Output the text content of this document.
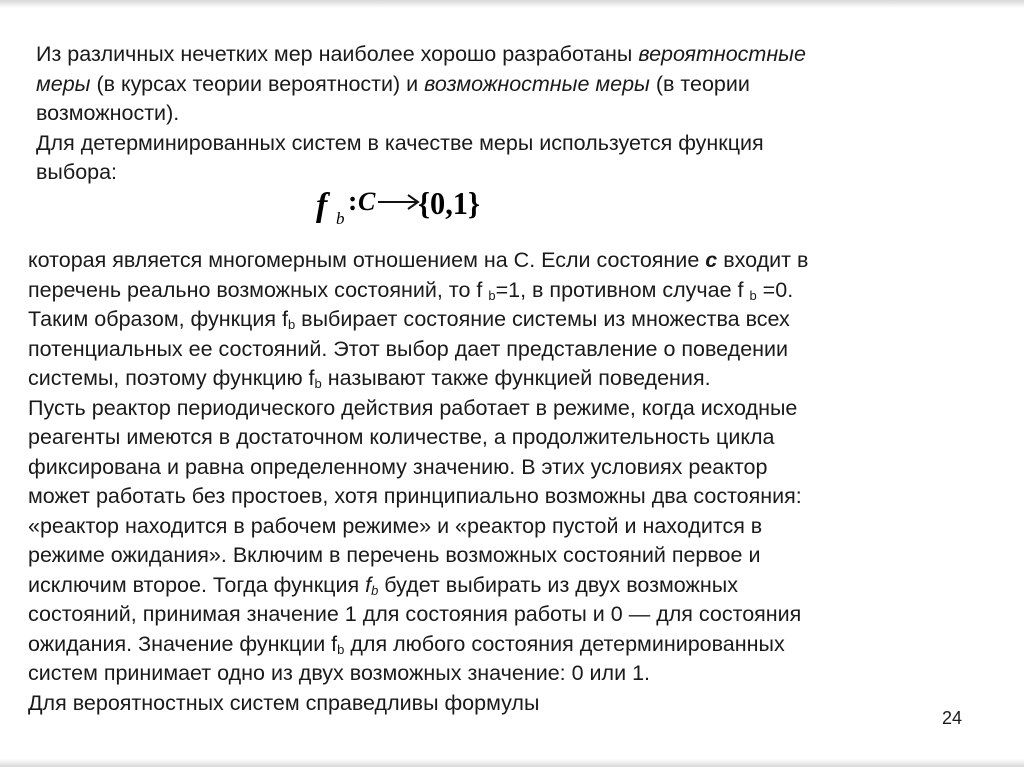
Из различных нечетких мер наиболее хорошо разработаны вероятностные
меры (в курсах теории вероятности) и возможностные меры (в теории
возможности).
Для детерминированных систем в качестве меры используется функция
выбора:
f b
: C {0,1}
которая является многомерным отношением на C. Если состояние c входит в
перечень реально возможных состояний, то f $_b$=1, в противном случае f $_b$ =0.
Таким образом, функция $f_b$ выбирает состояние системы из множества всех
потенциальных ее состояний. Этот выбор дает представление о поведении
системы, поэтому функцию $f_b$ называют также функцией поведения.
Пусть реактор периодического действия работает в режиме, когда исходные
реагенты имеются в достаточном количестве, а продолжительность цикла
фиксирована и равна определенному значению. В этих условиях реактор
может работать без простоев, хотя принципиально возможны два состояния:
«реактор находится в рабочем режиме» и «реактор пустой и находится в
режиме ожидания». Включим в перечень возможных состояний первое и
исключим второе. Тогда функция $f_b$ будет выбирать из двух возможных
состояний, принимая значение 1 для состояния работы и 0 — для состояния
ожидания. Значение функции $f_b$ для любого состояния детерминированных
систем принимает одно из двух возможных значение: 0 или 1.
Для вероятностных систем справедливы формулы
24
